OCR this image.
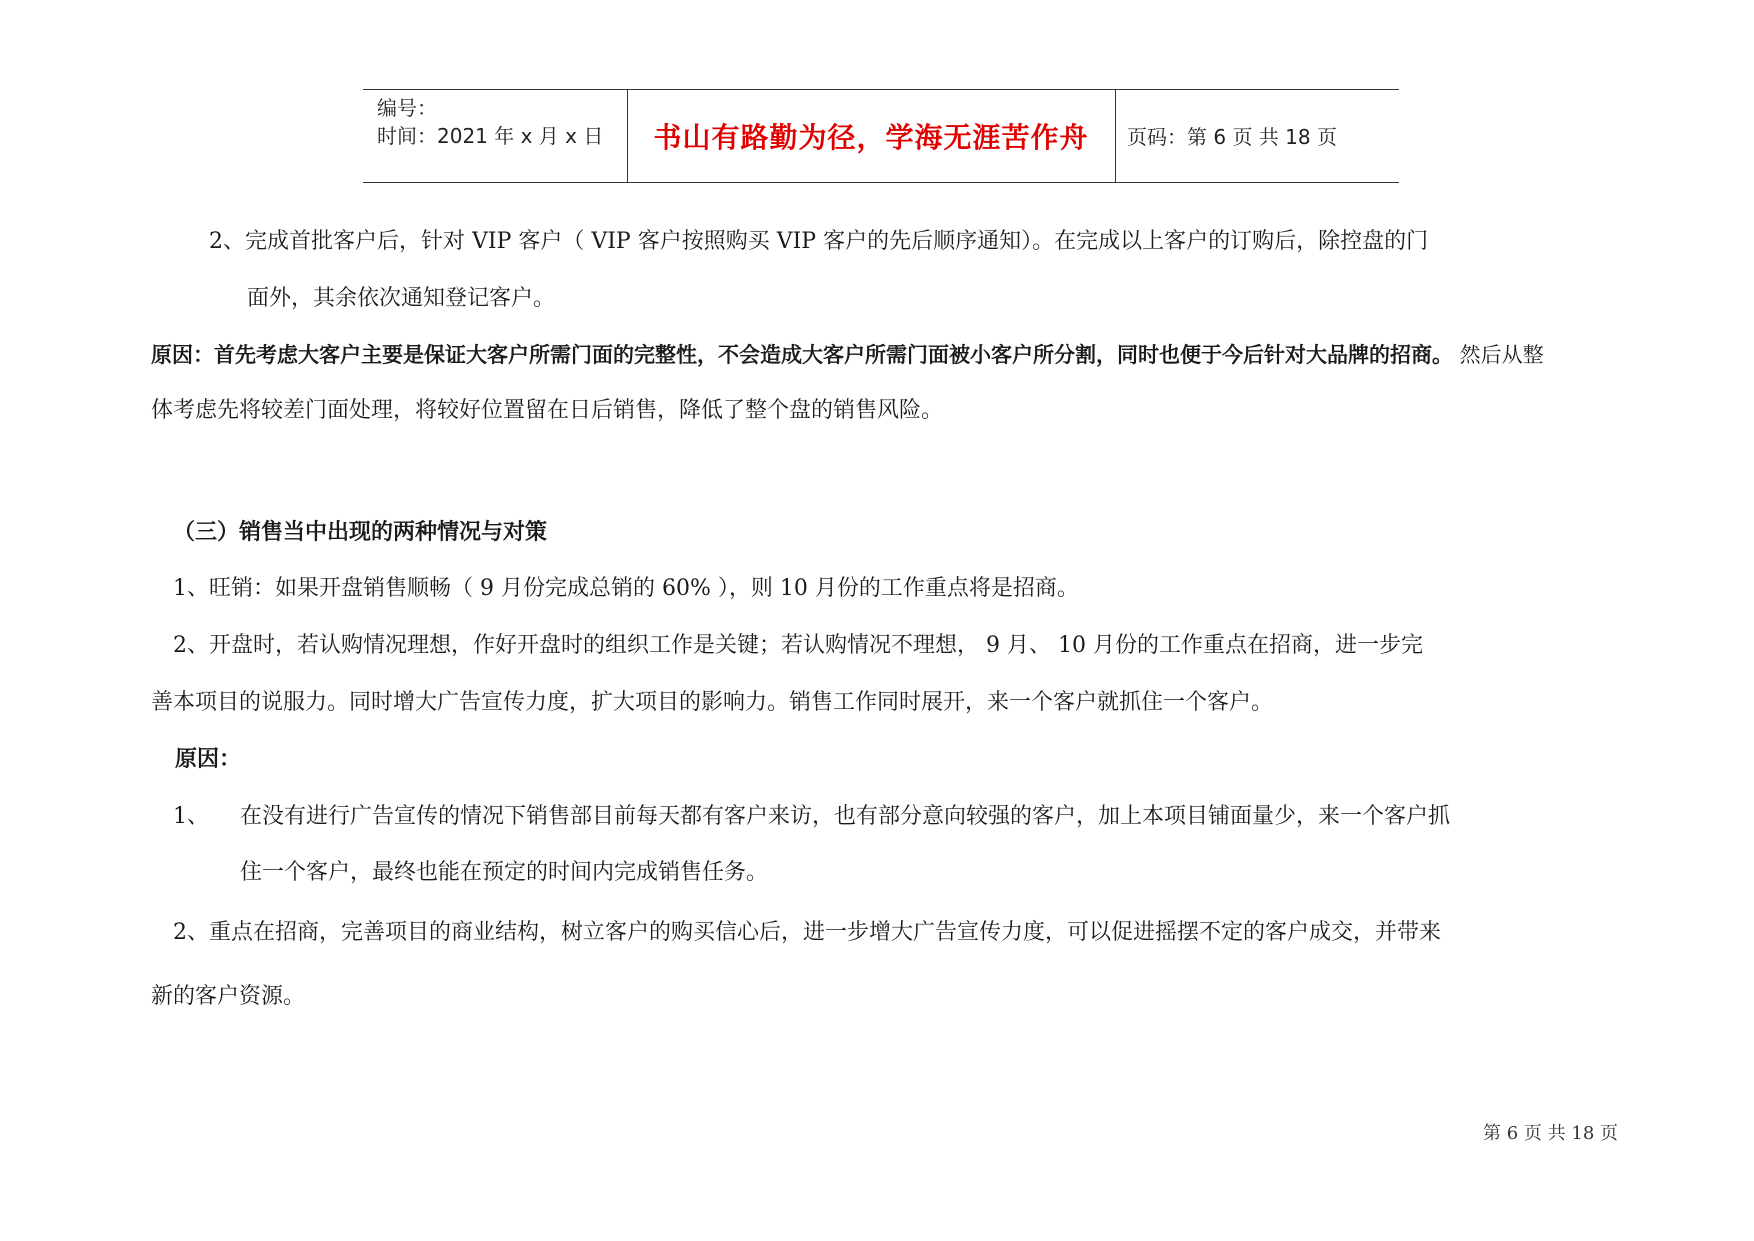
编号：
时间：2021 年 x 月 x 日	书山有路勤为径，学海无涯苦作舟	页码：第 6 页 共 18 页
2、完成首批客户后，针对 VIP 客户（ VIP 客户按照购买 VIP 客户的先后顺序通知）。在完成以上客户的订购后，除控盘的门
面外，其余依次通知登记客户。
原因：首先考虑大客户主要是保证大客户所需门面的完整性，不会造成大客户所需门面被小客户所分割，同时也便于今后针对大品牌的招商。 然后从整
体考虑先将较差门面处理，将较好位置留在日后销售，降低了整个盘的销售风险。
（三）销售当中出现的两种情况与对策
1、旺销：如果开盘销售顺畅（ 9 月份完成总销的 60% ），则 10 月份的工作重点将是招商。
2、开盘时，若认购情况理想，作好开盘时的组织工作是关键；若认购情况不理想， 9 月、 10 月份的工作重点在招商，进一步完
善本项目的说服力。同时增大广告宣传力度，扩大项目的影响力。销售工作同时展开，来一个客户就抓住一个客户。
原因：
1、 在没有进行广告宣传的情况下销售部目前每天都有客户来访，也有部分意向较强的客户，加上本项目铺面量少，来一个客户抓
住一个客户，最终也能在预定的时间内完成销售任务。
2、重点在招商，完善项目的商业结构，树立客户的购买信心后，进一步增大广告宣传力度，可以促进摇摆不定的客户成交，并带来
新的客户资源。
第 6 页 共 18 页
